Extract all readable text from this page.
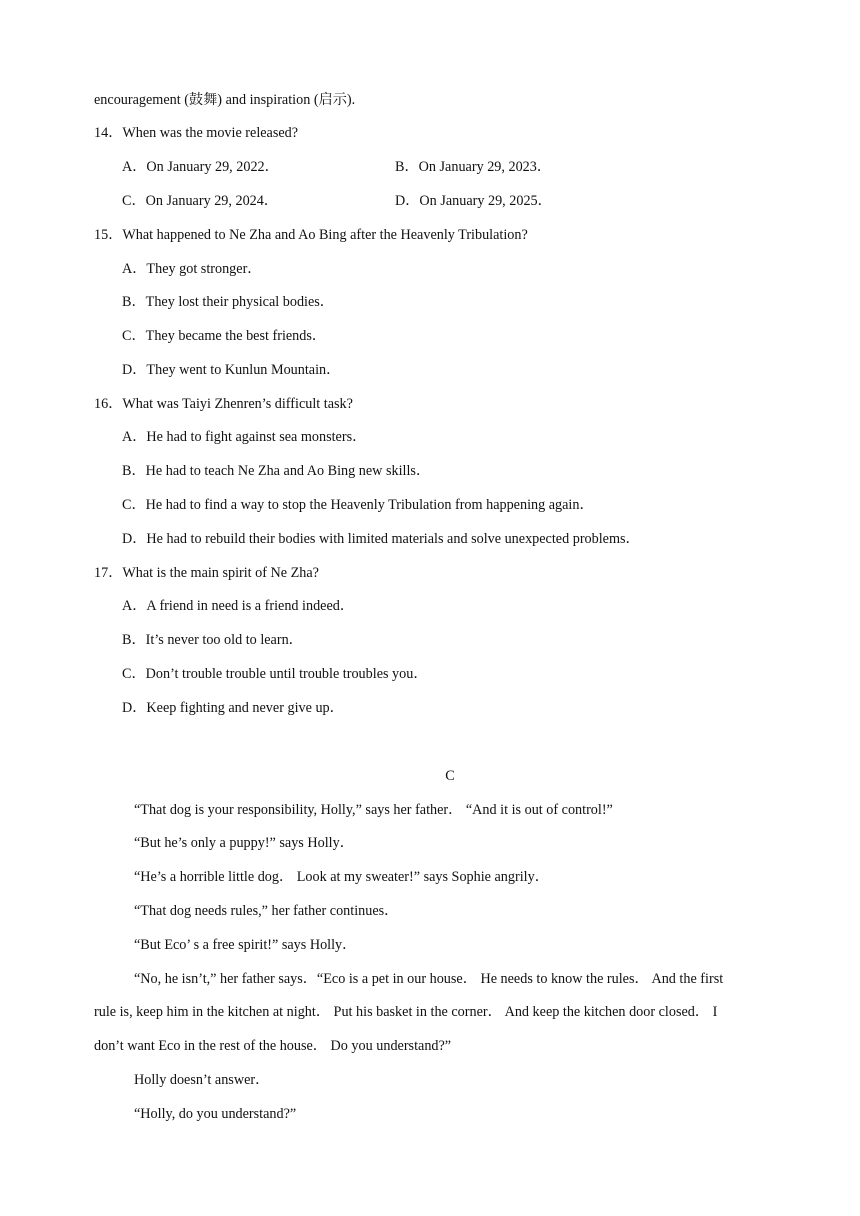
encouragement (鼓舞) and inspiration (启示).
14．When was the movie released?
A．On January 29, 2022．	B．On January 29, 2023．
C．On January 29, 2024．	D．On January 29, 2025．
15．What happened to Ne Zha and Ao Bing after the Heavenly Tribulation?
A．They got stronger．
B．They lost their physical bodies．
C．They became the best friends．
D．They went to Kunlun Mountain．
16．What was Taiyi Zhenren’s difficult task?
A．He had to fight against sea monsters．
B．He had to teach Ne Zha and Ao Bing new skills．
C．He had to find a way to stop the Heavenly Tribulation from happening again．
D．He had to rebuild their bodies with limited materials and solve unexpected problems．
17．What is the main spirit of Ne Zha?
A．A friend in need is a friend indeed．
B．It’s never too old to learn．
C．Don’t trouble trouble until trouble troubles you．
D．Keep fighting and never give up．
C
“That dog is your responsibility, Holly,” says her father． “And it is out of control!”
“But he’s only a puppy!” says Holly．
“He’s a horrible little dog． Look at my sweater!” says Sophie angrily．
“That dog needs rules,” her father continues．
“But Eco’ s a free spirit!” says Holly．
“No, he isn’t,” her father says．“Eco is a pet in our house． He needs to know the rules． And the first
rule is, keep him in the kitchen at night． Put his basket in the corner． And keep the kitchen door closed． I
don’t want Eco in the rest of the house． Do you understand?”
Holly doesn’t answer．
“Holly, do you understand?”
